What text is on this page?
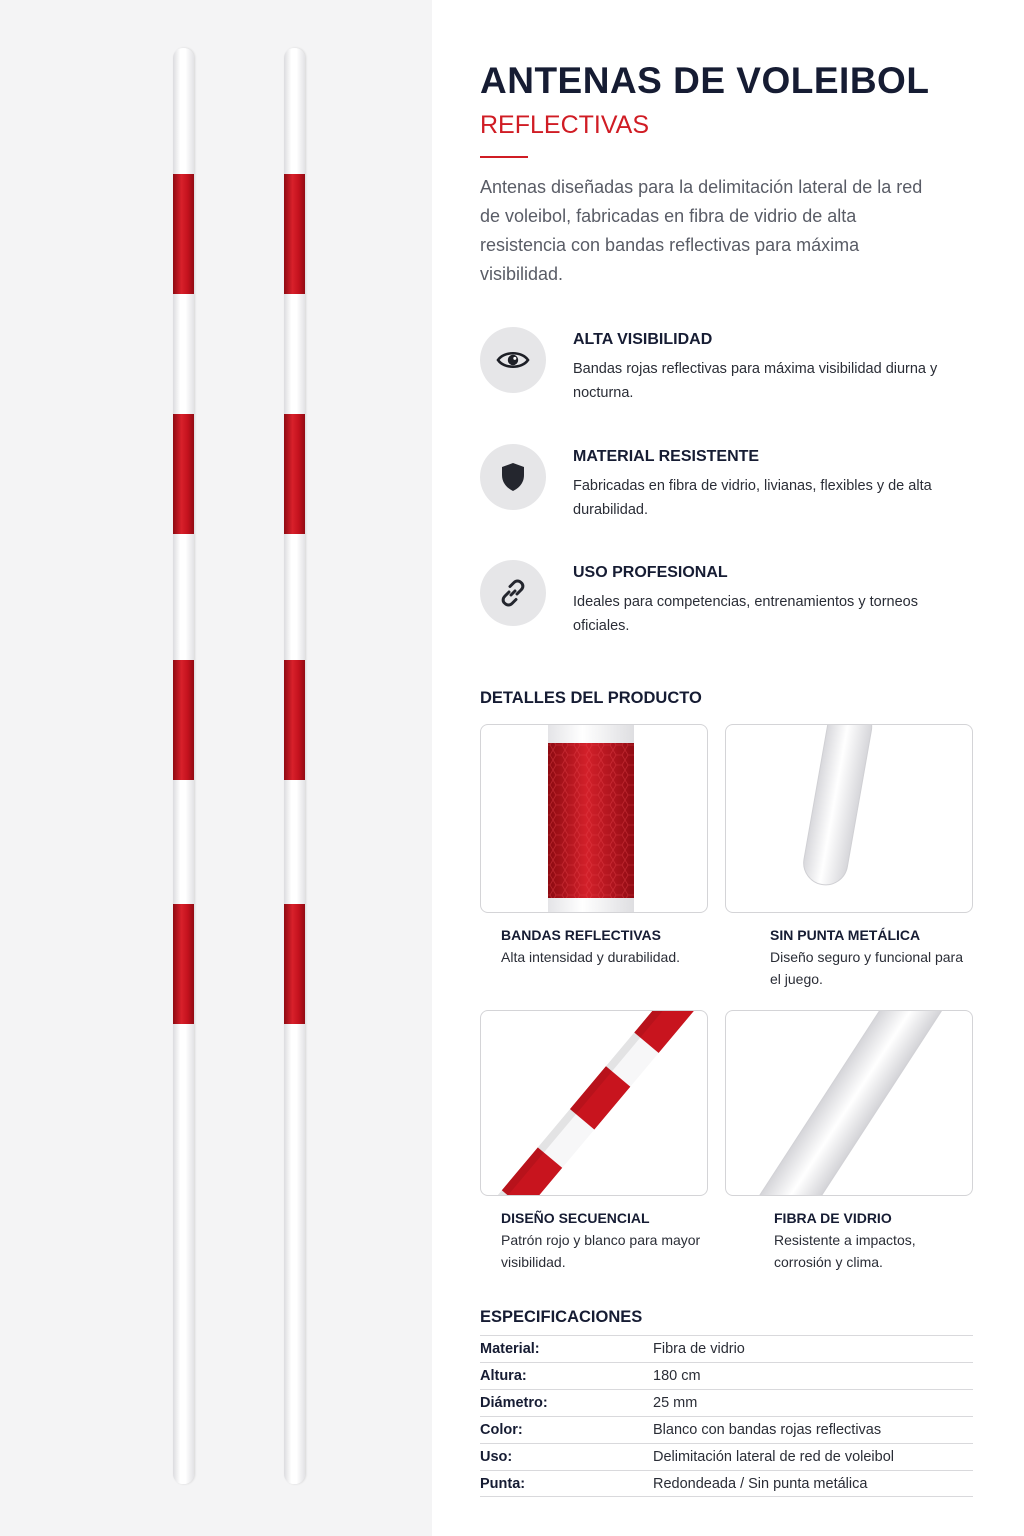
ANTENAS DE VOLEIBOL
REFLECTIVAS

Antenas diseñadas para la delimitación lateral de la red de voleibol, fabricadas en fibra de vidrio de alta resistencia con bandas reflectivas para máxima visibilidad.

ALTA VISIBILIDAD
Bandas rojas reflectivas para máxima visibilidad diurna y nocturna.
MATERIAL RESISTENTE
Fabricadas en fibra de vidrio, livianas, flexibles y de alta durabilidad.
USO PROFESIONAL
Ideales para competencias, entrenamientos y torneos oficiales.
DETALLES DEL PRODUCTO
BANDAS REFLECTIVAS
Alta intensidad y durabilidad.
SIN PUNTA METÁLICA
Diseño seguro y funcional para el juego.
DISEÑO SECUENCIAL
Patrón rojo y blanco para mayor visibilidad.
FIBRA DE VIDRIO
Resistente a impactos, corrosión y clima.
ESPECIFICACIONES
Material:	Fibra de vidrio
Altura:	180 cm
Diámetro:	25 mm
Color:	Blanco con bandas rojas reflectivas
Uso:	Delimitación lateral de red de voleibol
Punta:	Redondeada / Sin punta metálica
